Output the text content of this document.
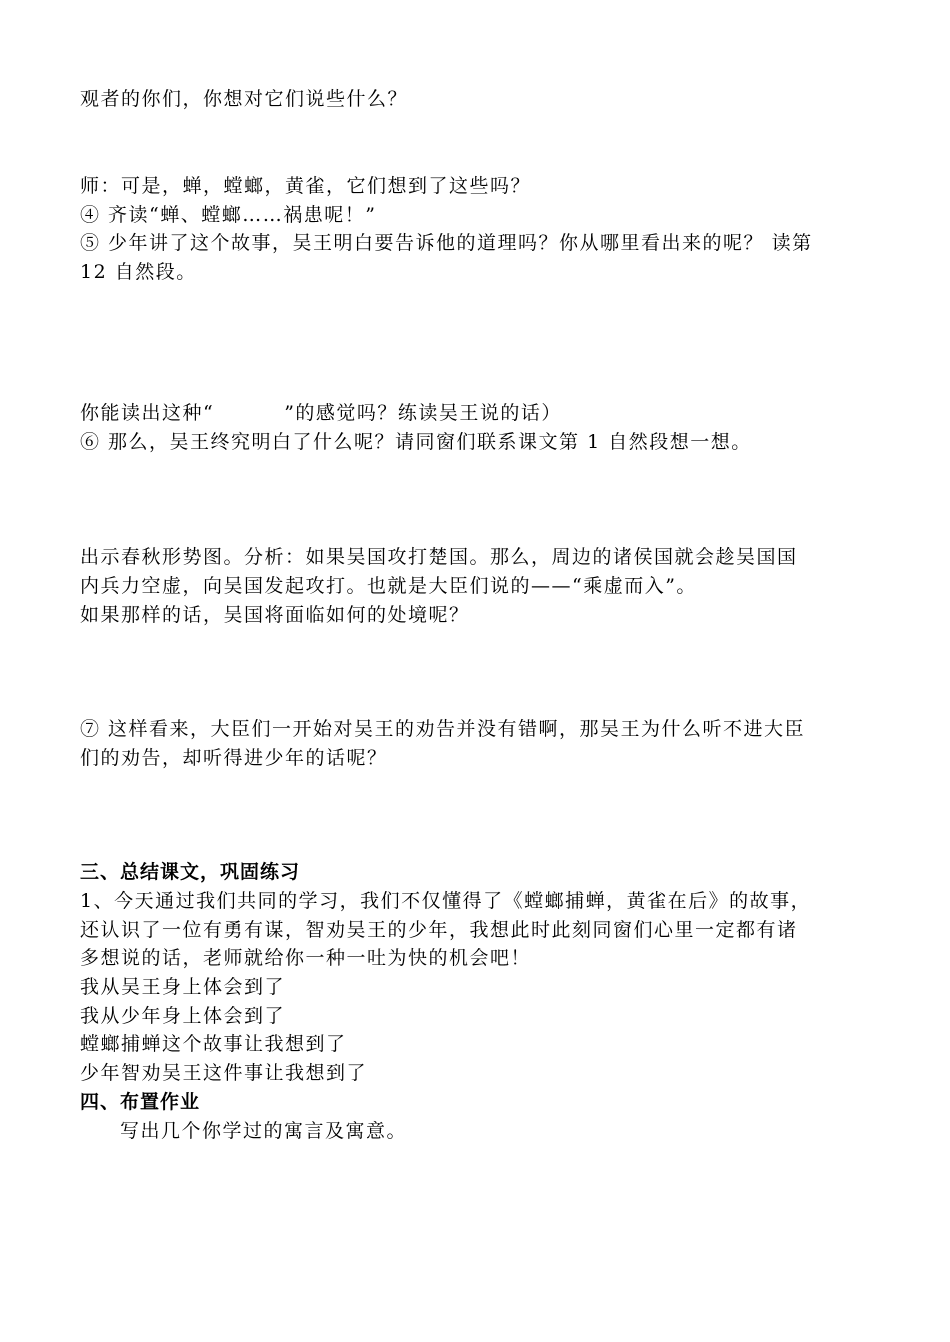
观者的你们，你想对它们说些什么？
师：可是，蝉，螳螂，黄雀，它们想到了这些吗？
④ 齐读“蝉、螳螂……祸患呢！”
⑤ 少年讲了这个故事，吴王明白要告诉他的道理吗？你从哪里看出来的呢？ 读第
12 自然段。
你能读出这种“	”的感觉吗？练读吴王说的话）
⑥ 那么，吴王终究明白了什么呢？请同窗们联系课文第 1 自然段想一想。
出示春秋形势图。分析：如果吴国攻打楚国。那么，周边的诸侯国就会趁吴国国
内兵力空虚，向吴国发起攻打。也就是大臣们说的——“乘虚而入”。
如果那样的话，吴国将面临如何的处境呢？
⑦ 这样看来，大臣们一开始对吴王的劝告并没有错啊，那吴王为什么听不进大臣
们的劝告，却听得进少年的话呢？
三、总结课文，巩固练习
1、今天通过我们共同的学习，我们不仅懂得了《螳螂捕蝉，黄雀在后》的故事，
还认识了一位有勇有谋，智劝吴王的少年，我想此时此刻同窗们心里一定都有诸
多想说的话，老师就给你一种一吐为快的机会吧！
我从吴王身上体会到了
我从少年身上体会到了
螳螂捕蝉这个故事让我想到了
少年智劝吴王这件事让我想到了
四、布置作业
写出几个你学过的寓言及寓意。
